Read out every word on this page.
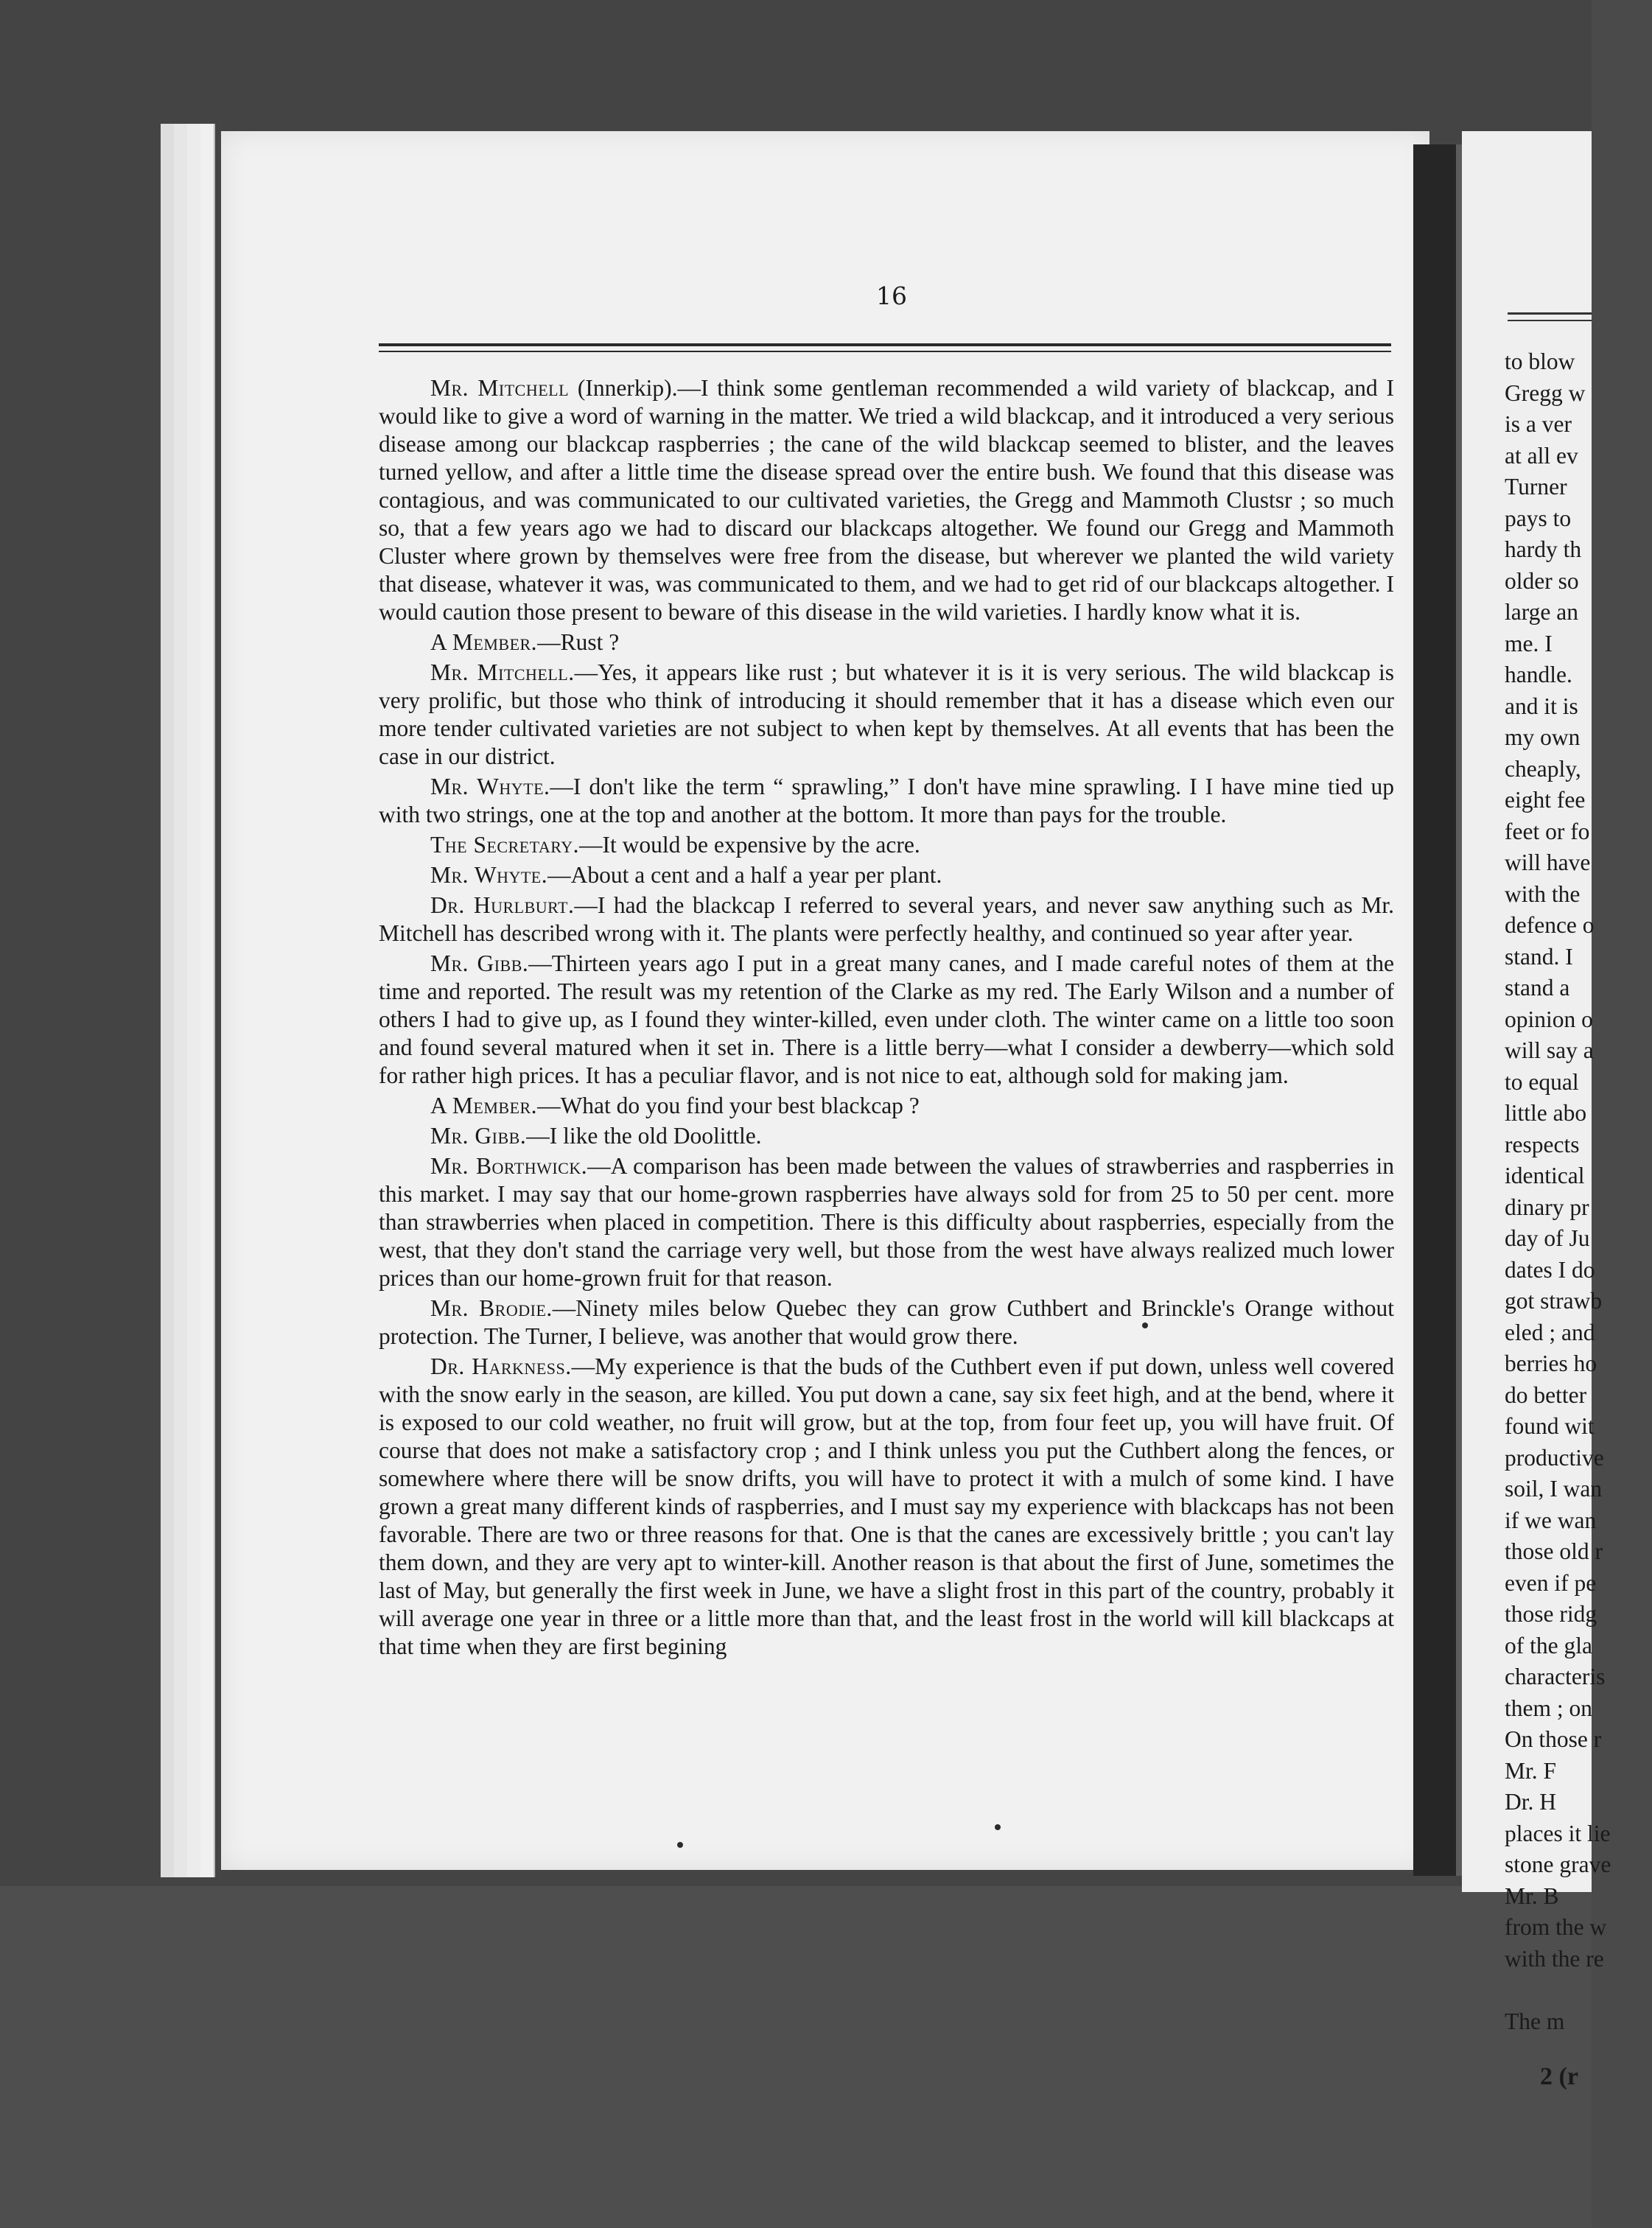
16

Mr. Mitchell (Innerkip).—I think some gentleman recommended a wild variety of blackcap, and I would like to give a word of warning in the matter. We tried a wild blackcap, and it introduced a very serious disease among our blackcap raspberries ; the cane of the wild blackcap seemed to blister, and the leaves turned yellow, and after a little time the disease spread over the entire bush. We found that this disease was contagious, and was communicated to our cultivated varieties, the Gregg and Mammoth Clustsr ; so much so, that a few years ago we had to discard our blackcaps altogether. We found our Gregg and Mammoth Cluster where grown by themselves were free from the disease, but wherever we planted the wild variety that disease, whatever it was, was communicated to them, and we had to get rid of our blackcaps altogether. I would caution those present to beware of this disease in the wild varieties. I hardly know what it is.

A Member.—Rust ?

Mr. Mitchell.—Yes, it appears like rust ; but whatever it is it is very serious. The wild blackcap is very prolific, but those who think of introducing it should remember that it has a disease which even our more tender cultivated varieties are not subject to when kept by themselves. At all events that has been the case in our district.

Mr. Whyte.—I don't like the term “ sprawling,” I don't have mine sprawling. I I have mine tied up with two strings, one at the top and another at the bottom. It more than pays for the trouble.

The Secretary.—It would be expensive by the acre.

Mr. Whyte.—About a cent and a half a year per plant.

Dr. Hurlburt.—I had the blackcap I referred to several years, and never saw anything such as Mr. Mitchell has described wrong with it. The plants were perfectly healthy, and continued so year after year.

Mr. Gibb.—Thirteen years ago I put in a great many canes, and I made careful notes of them at the time and reported. The result was my retention of the Clarke as my red. The Early Wilson and a number of others I had to give up, as I found they winter-killed, even under cloth. The winter came on a little too soon and found several matured when it set in. There is a little berry—what I consider a dewberry—which sold for rather high prices. It has a peculiar flavor, and is not nice to eat, although sold for making jam.

A Member.—What do you find your best blackcap ?

Mr. Gibb.—I like the old Doolittle.

Mr. Borthwick.—A comparison has been made between the values of strawberries and raspberries in this market. I may say that our home-grown raspberries have always sold for from 25 to 50 per cent. more than strawberries when placed in competition. There is this difficulty about raspberries, especially from the west, that they don't stand the carriage very well, but those from the west have always realized much lower prices than our home-grown fruit for that reason.

Mr. Brodie.—Ninety miles below Quebec they can grow Cuthbert and Brinckle's Orange without protection. The Turner, I believe, was another that would grow there.

Dr. Harkness.—My experience is that the buds of the Cuthbert even if put down, unless well covered with the snow early in the season, are killed. You put down a cane, say six feet high, and at the bend, where it is exposed to our cold weather, no fruit will grow, but at the top, from four feet up, you will have fruit. Of course that does not make a satisfactory crop ; and I think unless you put the Cuthbert along the fences, or somewhere where there will be snow drifts, you will have to protect it with a mulch of some kind. I have grown a great many different kinds of raspberries, and I must say my experience with blackcaps has not been favorable. There are two or three reasons for that. One is that the canes are excessively brittle ; you can't lay them down, and they are very apt to winter-kill. Another reason is that about the first of June, sometimes the last of May, but generally the first week in June, we have a slight frost in this part of the country, probably it will average one year in three or a little more than that, and the least frost in the world will kill blackcaps at that time when they are first begining

to blow
Gregg w
is a ver
at all ev
Turner
pays to
hardy th
older so
large an
me. I
handle.
and it is
my own
cheaply,
eight fee
feet or fo
will have
with the
defence o
stand. I
stand a
opinion o
will say a
to equal
little abo
respects
identical
dinary pr
day of Ju
dates I do
got strawb
eled ; and
berries ho
do better
found wit
productive
soil, I wan
if we wan
those old r
even if pe
those ridg
of the gla
characteris
them ; on
On those r
Mr. F
Dr. H
places it lie
stone grave
Mr. B
from the w
with the re
The m
2 (r
